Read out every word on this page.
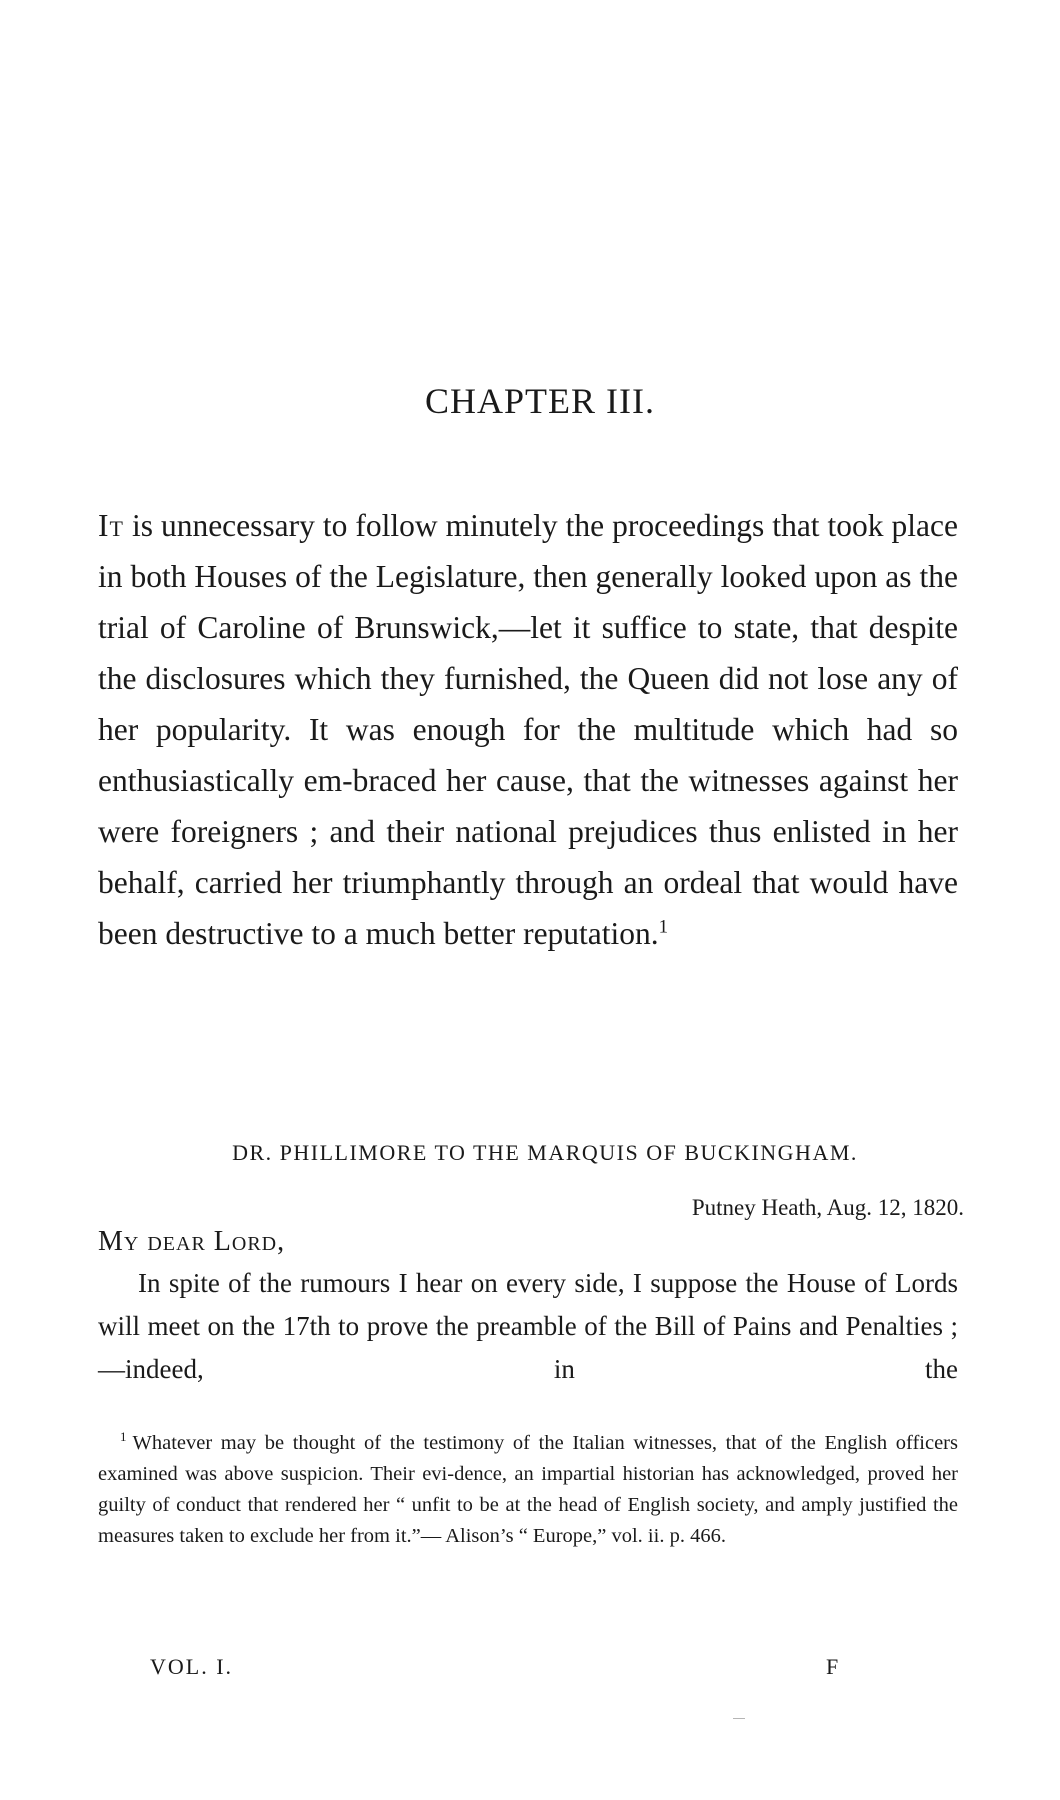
CHAPTER III.

It is unnecessary to follow minutely the proceedings that took place in both Houses of the Legislature, then generally looked upon as the trial of Caroline of Brunswick,—let it suffice to state, that despite the disclosures which they furnished, the Queen did not lose any of her popularity. It was enough for the multitude which had so enthusiastically em-braced her cause, that the witnesses against her were foreigners ; and their national prejudices thus enlisted in her behalf, carried her triumphantly through an ordeal that would have been destructive to a much better reputation.$^1$

DR. PHILLIMORE TO THE MARQUIS OF BUCKINGHAM.

Putney Heath, Aug. 12, 1820.

My dear Lord,

In spite of the rumours I hear on every side, I suppose the House of Lords will meet on the 17th to prove the preamble of the Bill of Pains and Penalties ;—indeed, in the

$^1$ Whatever may be thought of the testimony of the Italian witnesses, that of the English officers examined was above suspicion. Their evi-dence, an impartial historian has acknowledged, proved her guilty of conduct that rendered her “ unfit to be at the head of English society, and amply justified the measures taken to exclude her from it.”— Alison’s “ Europe,” vol. ii. p. 466.

VOL. I.	F
